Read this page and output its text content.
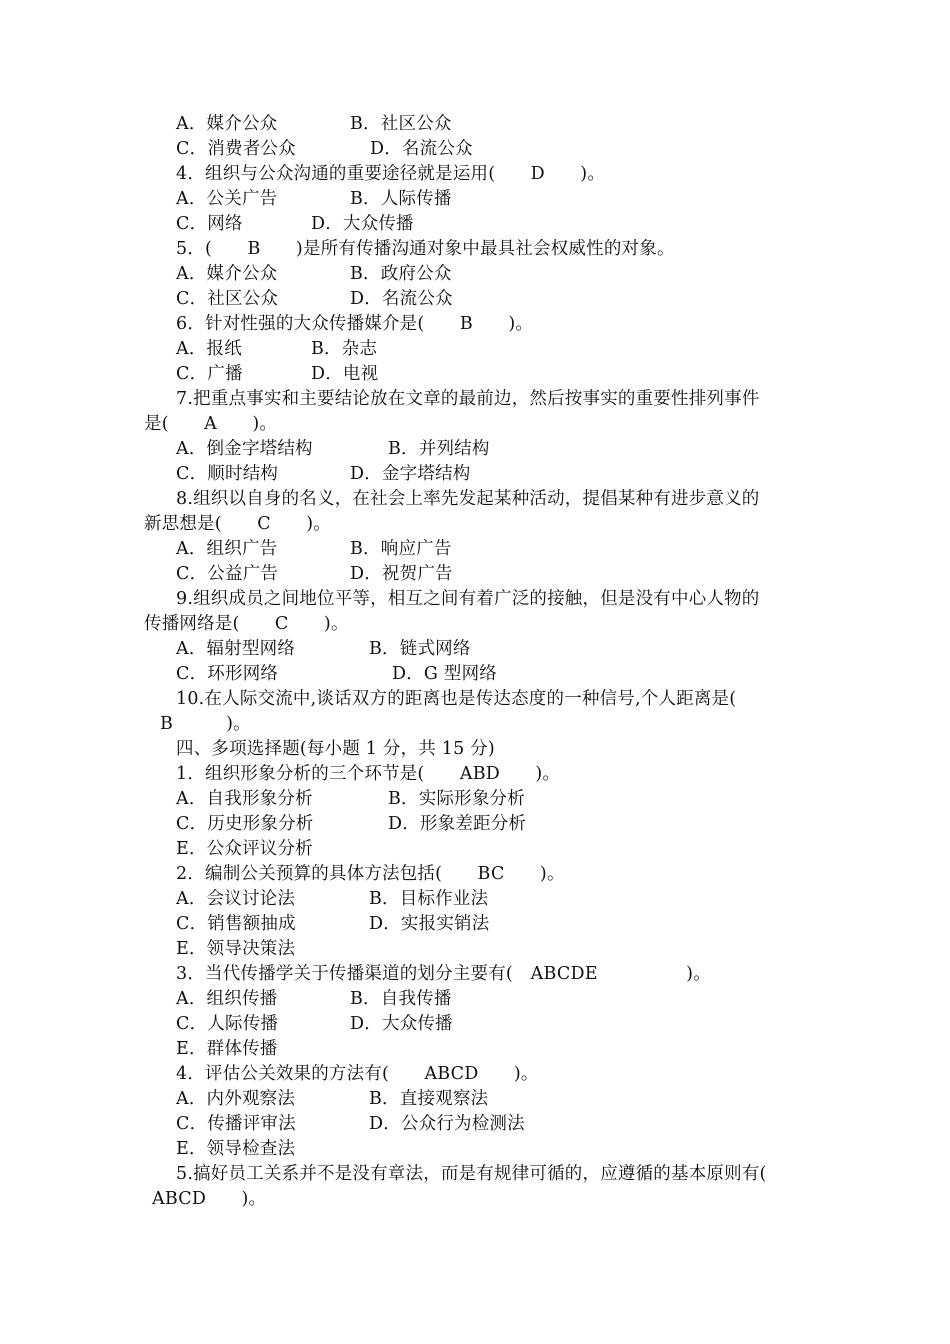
A．媒介公众	B．社区公众
C．消费者公众	D．名流公众
4．组织与公众沟通的重要途径就是运用(　　D　　)。
A．公关广告	B．人际传播
C．网络	D．大众传播
5．(　　B　　)是所有传播沟通对象中最具社会权威性的对象。
A．媒介公众	B．政府公众
C．社区公众	D．名流公众
6．针对性强的大众传播媒介是(　　B　　)。
A．报纸	B．杂志
C．广播	D．电视
7.把重点事实和主要结论放在文章的最前边，然后按事实的重要性排列事件
是(　　A　　)。
A．倒金字塔结构	B．并列结构
C．顺时结构	D．金字塔结构
8.组织以自身的名义，在社会上率先发起某种活动，提倡某种有进步意义的
新思想是(　　C　　)。
A．组织广告	B．响应广告
C．公益广告	D．祝贺广告
9.组织成员之间地位平等，相互之间有着广泛的接触，但是没有中心人物的
传播网络是(　　C　　)。
A．辐射型网络	B．链式网络
C．环形网络	D．G 型网络
10.在人际交流中,谈话双方的距离也是传达态度的一种信号,个人距离是(
B　　　)。
四、多项选择题(每小题 1 分，共 15 分)
1．组织形象分析的三个环节是(　　ABD　　)。
A．自我形象分析	B．实际形象分析
C．历史形象分析	D．形象差距分析
E．公众评议分析
2．编制公关预算的具体方法包括(　　BC　　)。
A．会议讨论法	B．目标作业法
C．销售额抽成	D．实报实销法
E．领导决策法
3．当代传播学关于传播渠道的划分主要有(　ABCDE　　　　　)。
A．组织传播	B．自我传播
C．人际传播	D．大众传播
E．群体传播
4．评估公关效果的方法有(　　ABCD　　)。
A．内外观察法	B．直接观察法
C．传播评审法	D．公众行为检测法
E．领导检查法
5.搞好员工关系并不是没有章法，而是有规律可循的，应遵循的基本原则有(
ABCD　　)。
